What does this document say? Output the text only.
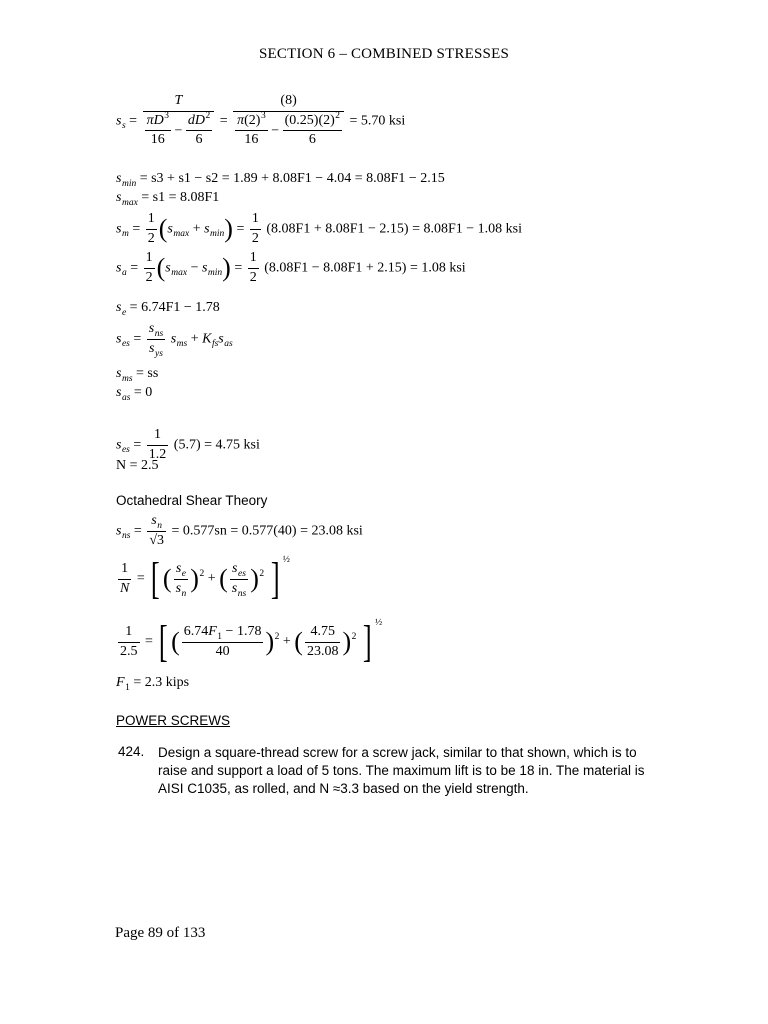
SECTION 6 – COMBINED STRESSES
$s_s = \frac{T}{\frac{\pi D^3}{16} - \frac{dD^2}{6}} = \frac{(8)}{\frac{\pi(2)^3}{16} - \frac{(0.25)(2)^2}{6}} = 5.70$ ksi
$s_{min} = s3 + s1 - s2 = 1.89 + 8.08F1 - 4.04 = 8.08F1 - 2.15$
$s_{max} = s1 = 8.08F1$
$s_m = \frac{1}{2} (s_{max} + s_{min}) = \frac{1}{2} (8.08F1 + 8.08F1 - 2.15) = 8.08F1 - 1.08$ ksi
$s_a = \frac{1}{2} (s_{max} - s_{min}) = \frac{1}{2} (8.08F1 - 8.08F1 + 2.15) = 1.08$ ksi
$s_e = 6.74F1 - 1.78$
$s_{es} = \frac{s_{ns}}{s_{ys}} s_{ms} + K_{fs}s_{as}$
$s_{ms}$ = ss
$s_{as} = 0$
$s_{es} = \frac{1}{1.2} (5.7) = 4.75$ ksi
N = 2.5
Octahedral Shear Theory
$s_{ns} = \frac{s_n}{√3} = 0.577sn = 0.577(40) = 23.08$ ksi
$\frac{1}{N}$ = [ ( $\frac{s_e}{s_n} )^2$ + ( $\frac{s_{es}}{s_{ns}} )^2$ ] $^{\frac{1}{2}}$
$\frac{1}{2.5}$ = [ ( $\frac{6.74F_1 - 1.78}{40} )^2$ + ( $\frac{4.75}{23.08} )^2$ ] $^{\frac{1}{2}}$
$F_1 = 2.3$ kips
POWER SCREWS
424. Design a square-thread screw for a screw jack, similar to that shown, which is to raise and support a load of 5 tons. The maximum lift is to be 18 in. The material is AISI C1035, as rolled, and N ≈3.3 based on the yield strength.
Page 89 of 133
